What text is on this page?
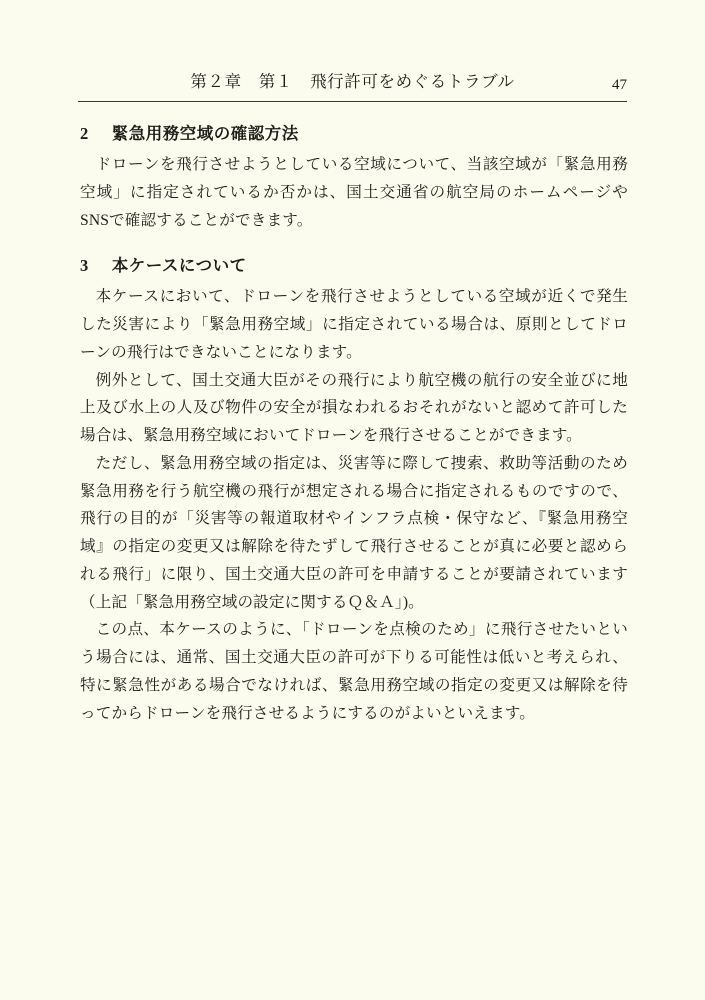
第２章　第１　飛行許可をめぐるトラブル	47
2　 緊急用務空域の確認方法

ドローンを飛行させようとしている空域について、当該空域が「緊急用務空域」に指定されているか否かは、国土交通省の航空局のホームページやSNSで確認することができます。

3　 本ケースについて

本ケースにおいて、ドローンを飛行させようとしている空域が近くで発生した災害により「緊急用務空域」に指定されている場合は、原則としてドローンの飛行はできないことになります。

例外として、国土交通大臣がその飛行により航空機の航行の安全並びに地上及び水上の人及び物件の安全が損なわれるおそれがないと認めて許可した場合は、緊急用務空域においてドローンを飛行させることができます。

ただし、緊急用務空域の指定は、災害等に際して捜索、救助等活動のため緊急用務を行う航空機の飛行が想定される場合に指定されるものですので、飛行の目的が「災害等の報道取材やインフラ点検・保守など、『緊急用務空域』の指定の変更又は解除を待たずして飛行させることが真に必要と認められる飛行」に限り、国土交通大臣の許可を申請することが要請されています（上記「緊急用務空域の設定に関するＱ＆Ａ」)。

この点、本ケースのように、「ドローンを点検のため」に飛行させたいという場合には、通常、国土交通大臣の許可が下りる可能性は低いと考えられ、特に緊急性がある場合でなければ、緊急用務空域の指定の変更又は解除を待ってからドローンを飛行させるようにするのがよいといえます。
